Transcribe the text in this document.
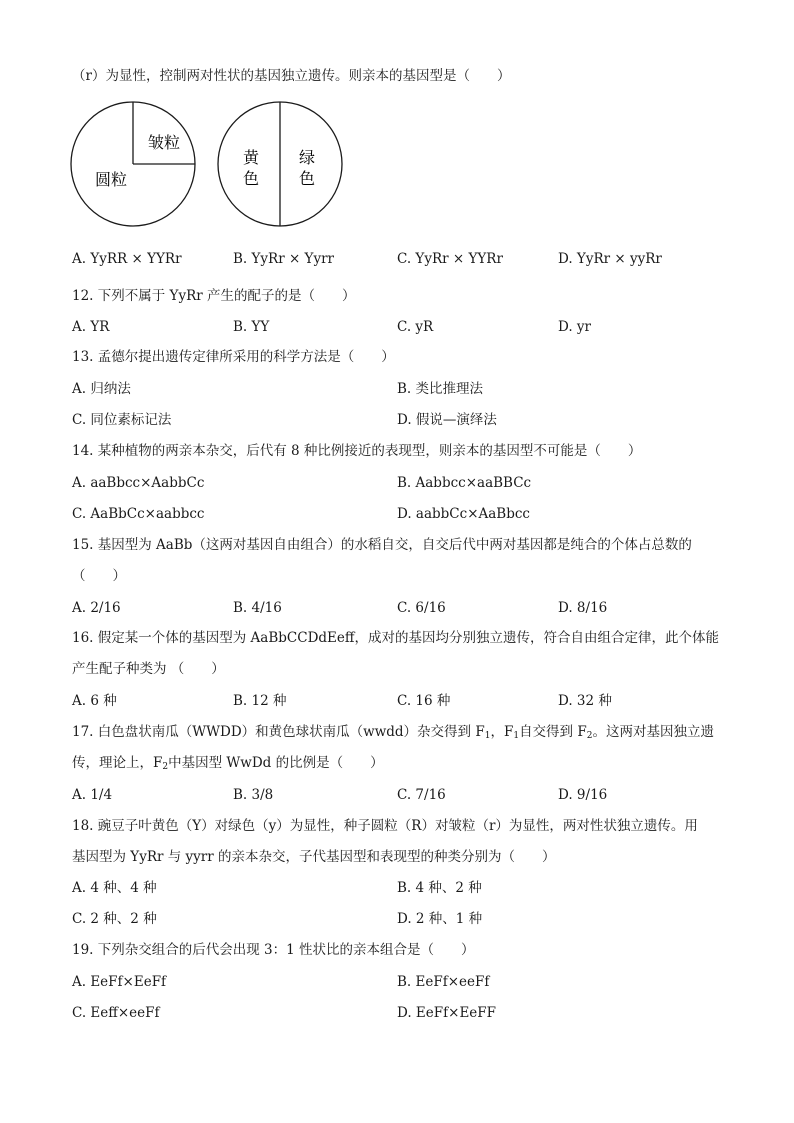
（r）为显性，控制两对性状的基因独立遗传。则亲本的基因型是（　　）
皱粒
圆粒
黄
色
绿
色
A. YyRR × YYRr	B. YyRr × Yyrr	C. YyRr × YYRr	D. YyRr × yyRr
12. 下列不属于 YyRr 产生的配子的是（　　）
A. YR	B. YY	C. yR	D. yr
13. 孟德尔提出遗传定律所采用的科学方法是（　　）
A. 归纳法	B. 类比推理法
C. 同位素标记法	D. 假说—演绎法
14. 某种植物的两亲本杂交，后代有 8 种比例接近的表现型，则亲本的基因型不可能是（　　）
A. aaBbcc×AabbCc	B. Aabbcc×aaBBCc
C. AaBbCc×aabbcc	D. aabbCc×AaBbcc
15. 基因型为 AaBb（这两对基因自由组合）的水稻自交，自交后代中两对基因都是纯合的个体占总数的
（　　）
A. 2/16	B. 4/16	C. 6/16	D. 8/16
16. 假定某一个体的基因型为 AaBbCCDdEeff，成对的基因均分别独立遗传，符合自由组合定律，此个体能
产生配子种类为 （　　）
A. 6 种	B. 12 种	C. 16 种	D. 32 种
17. 白色盘状南瓜（WWDD）和黄色球状南瓜（wwdd）杂交得到 $F_1$，$F_1$自交得到 $F_2$。这两对基因独立遗
传，理论上，$F_2$中基因型 WwDd 的比例是（　　）
A. 1/4	B. 3/8	C. 7/16	D. 9/16
18. 豌豆子叶黄色（Y）对绿色（y）为显性，种子圆粒（R）对皱粒（r）为显性，两对性状独立遗传。用
基因型为 YyRr 与 yyrr 的亲本杂交，子代基因型和表现型的种类分别为（　　）
A. 4 种、4 种	B. 4 种、2 种
C. 2 种、2 种	D. 2 种、1 种
19. 下列杂交组合的后代会出现 3：1 性状比的亲本组合是（　　）
A. EeFf×EeFf	B. EeFf×eeFf
C. Eeff×eeFf	D. EeFf×EeFF
